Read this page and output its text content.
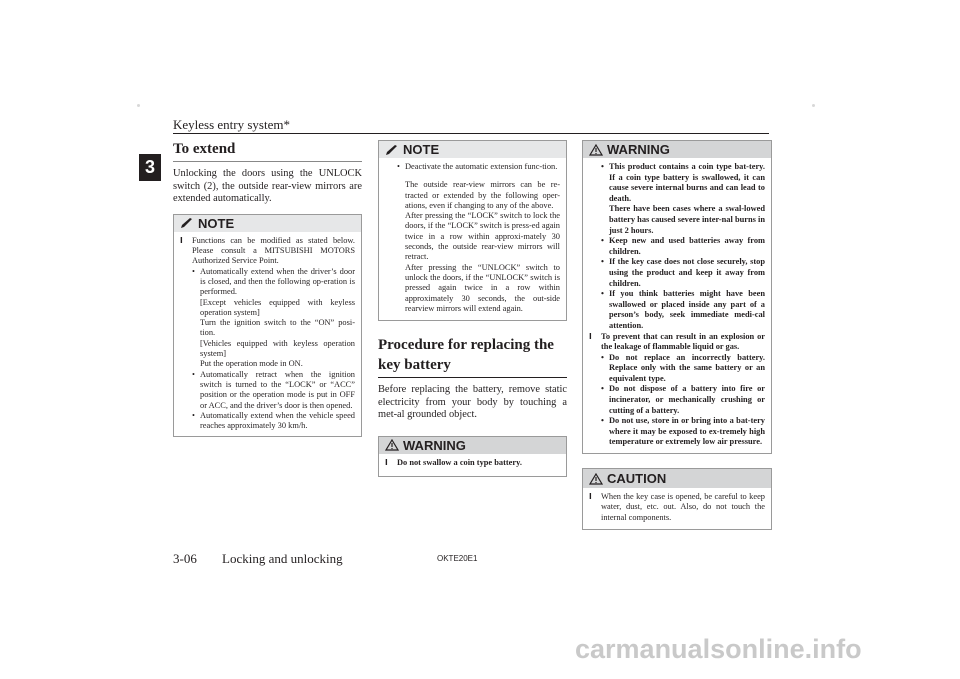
Keyless entry system*
3
To extend
Unlocking the doors using the UNLOCK switch (2), the outside rear-view mirrors are extended automatically.
NOTE
l	Functions can be modified as stated below. Please consult a MITSUBISHI MOTORS Authorized Service Point.
• Automatically extend when the driver’s door is closed, and then the following op-eration is performed.
[Except vehicles equipped with keyless operation system]
Turn the ignition switch to the “ON” posi-tion.
[Vehicles equipped with keyless operation system]
Put the operation mode in ON.
• Automatically retract when the ignition switch is turned to the “LOCK” or “ACC” position or the operation mode is put in OFF or ACC, and the driver’s door is then opened.
• Automatically extend when the vehicle speed reaches approximately 30 km/h.
NOTE
• Deactivate the automatic extension func-tion.
The outside rear-view mirrors can be re-tracted or extended by the following oper-ations, even if changing to any of the above.
After pressing the “LOCK” switch to lock the doors, if the “LOCK” switch is press-ed again twice in a row within approxi-mately 30 seconds, the outside rear-view mirrors will retract.
After pressing the “UNLOCK” switch to unlock the doors, if the “UNLOCK” switch is pressed again twice in a row within approximately 30 seconds, the out-side rearview mirrors will extend again.
Procedure for replacing the key battery
Before replacing the battery, remove static electricity from your body by touching a met-al grounded object.
WARNING
l	Do not swallow a coin type battery.
WARNING
• This product contains a coin type bat-tery. If a coin type battery is swallowed, it can cause severe internal burns and can lead to death.
There have been cases where a swal-lowed battery has caused severe inter-nal burns in just 2 hours.
• Keep new and used batteries away from children.
• If the key case does not close securely, stop using the product and keep it away from children.
• If you think batteries might have been swallowed or placed inside any part of a person’s body, seek immediate medi-cal attention.
l	To prevent that can result in an explosion or the leakage of flammable liquid or gas.
• Do not replace an incorrectly battery. Replace only with the same battery or an equivalent type.
• Do not dispose of a battery into fire or incinerator, or mechanically crushing or cutting of a battery.
• Do not use, store in or bring into a bat-tery where it may be exposed to ex-tremely high temperature or extremely low air pressure.
CAUTION
l	When the key case is opened, be careful to keep water, dust, etc. out. Also, do not touch the internal components.
3-06 Locking and unlocking	OKTE20E1
carmanualsonline.info
